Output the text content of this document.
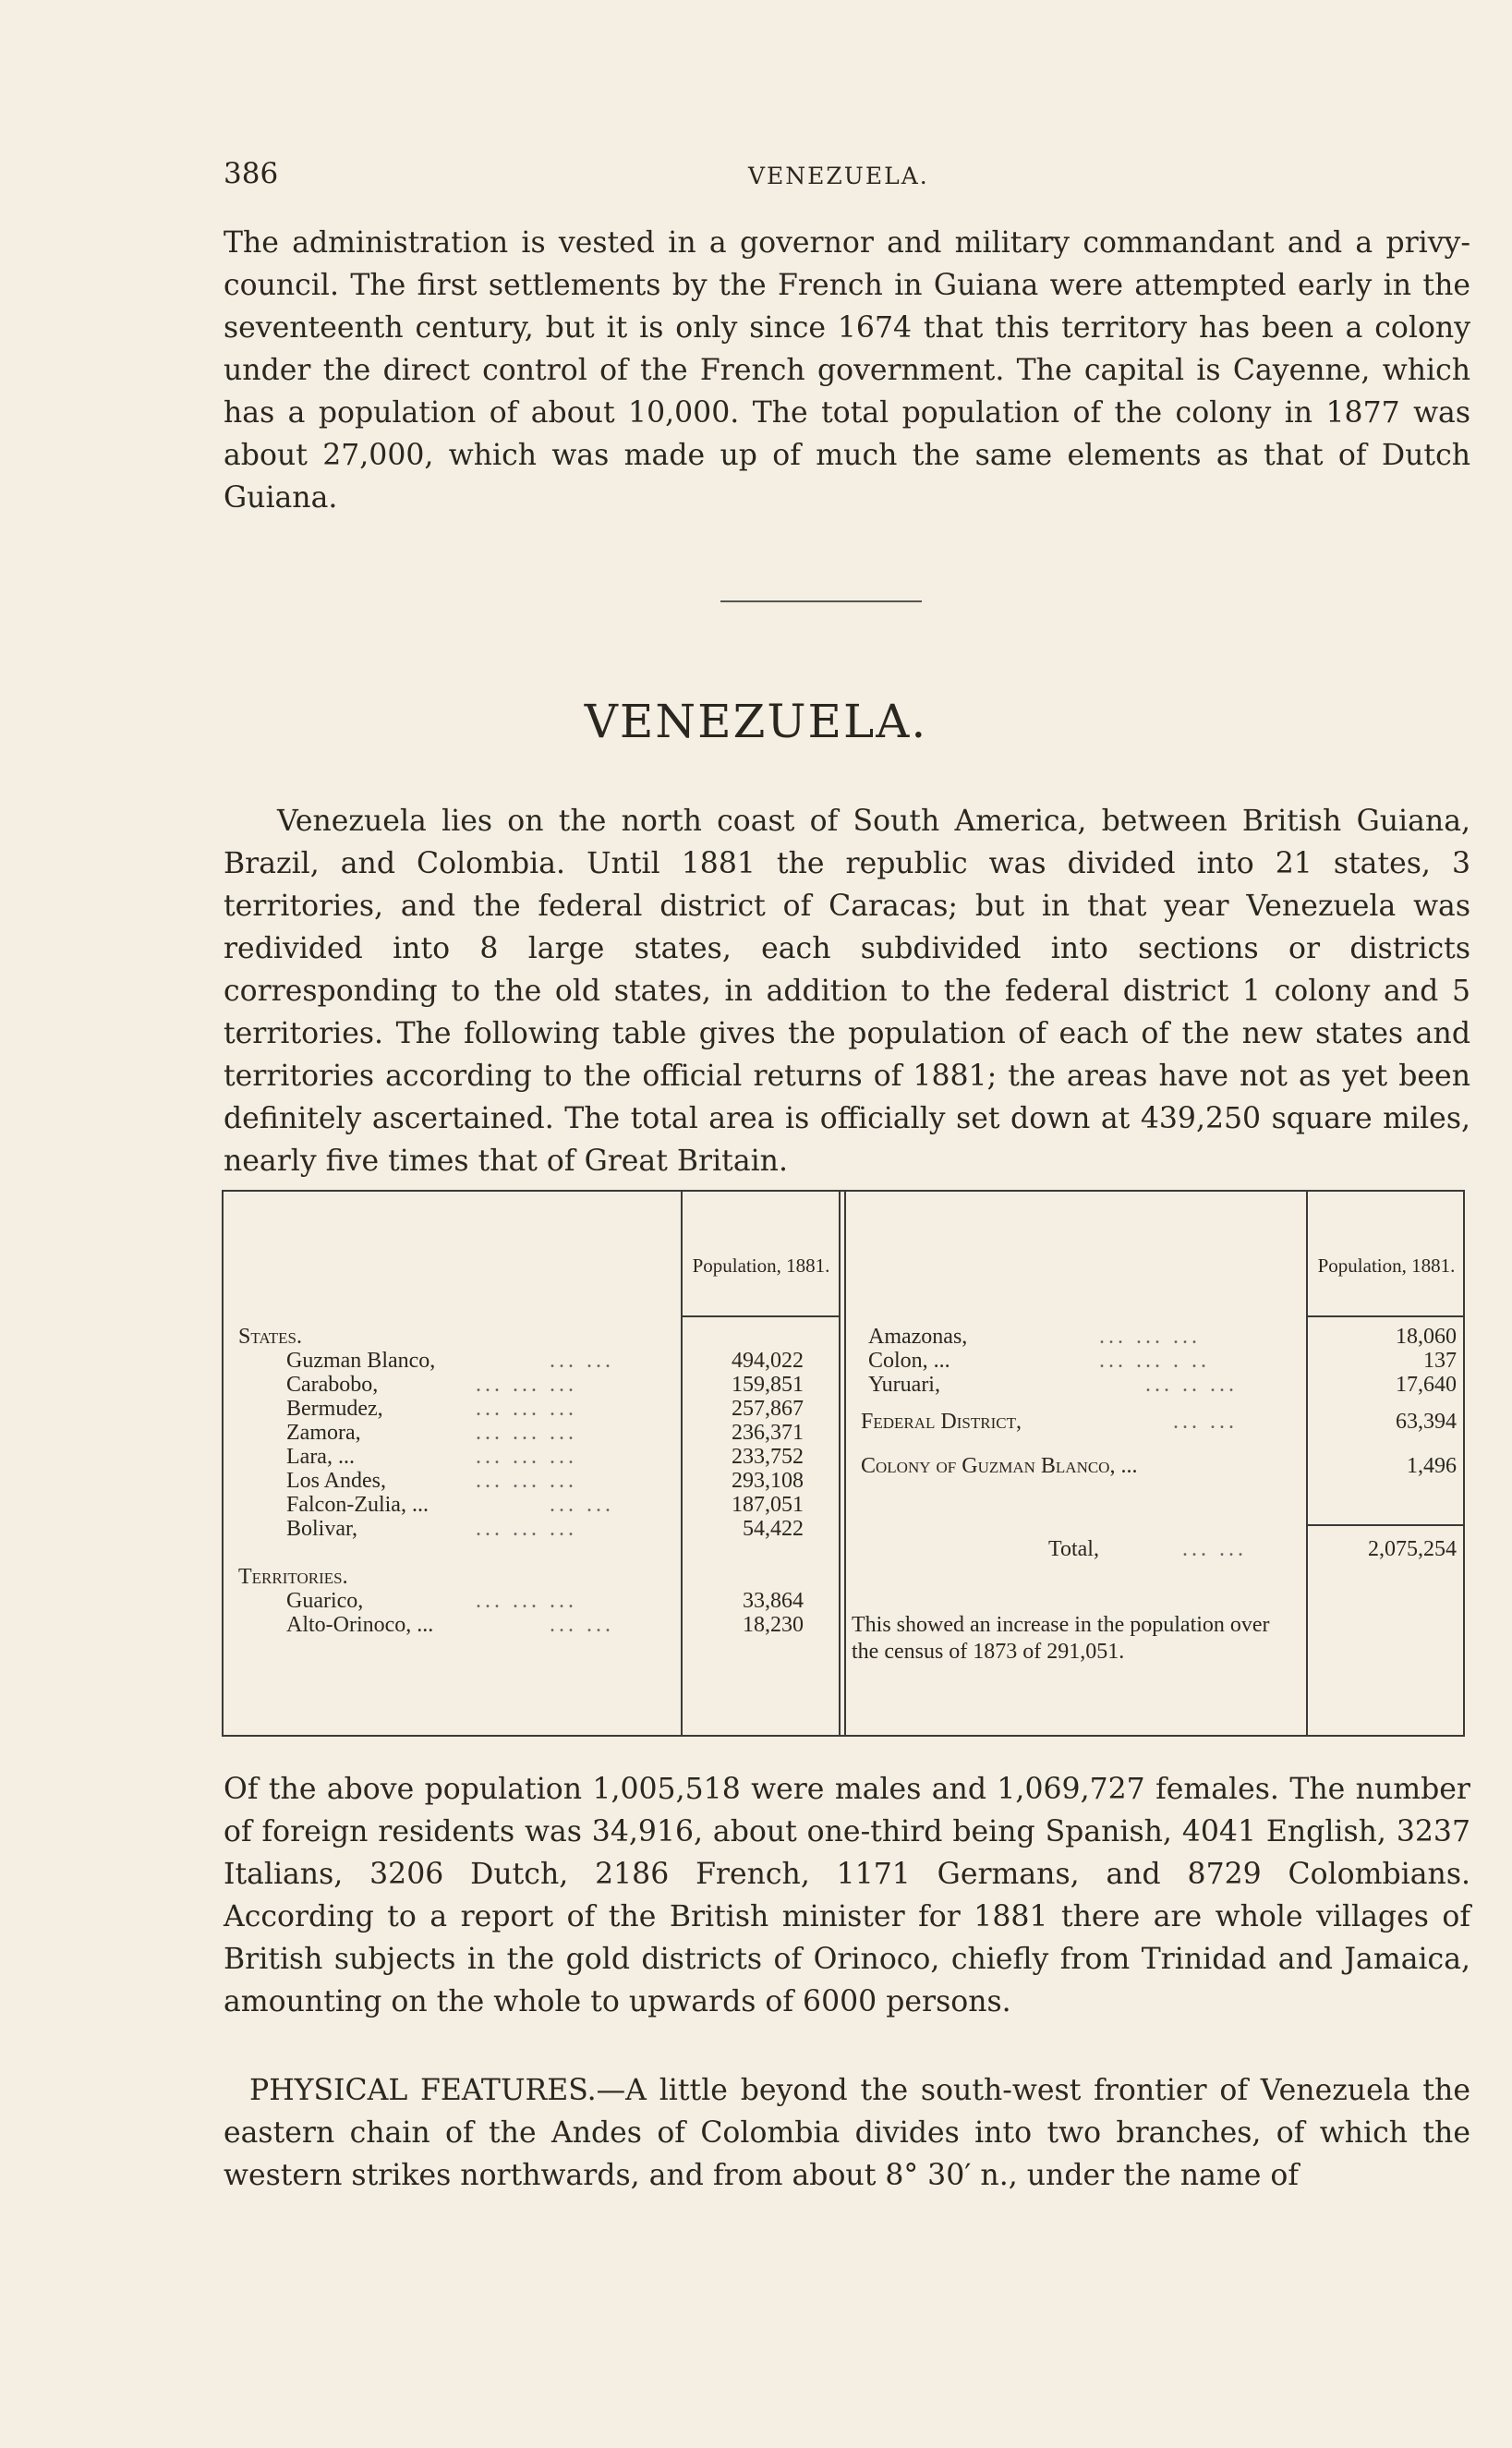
386	VENEZUELA.
The administration is vested in a governor and military commandant and a privy-council. The first settlements by the French in Guiana were attempted early in the seventeenth century, but it is only since 1674 that this territory has been a colony under the direct control of the French government. The capital is Cayenne, which has a population of about 10,000. The total population of the colony in 1877 was about 27,000, which was made up of much the same elements as that of Dutch Guiana.
VENEZUELA.
Venezuela lies on the north coast of South America, between British Guiana, Brazil, and Colombia. Until 1881 the republic was divided into 21 states, 3 territories, and the federal district of Caracas; but in that year Venezuela was redivided into 8 large states, each subdivided into sections or districts corresponding to the old states, in addition to the federal district 1 colony and 5 territories. The following table gives the population of each of the new states and territories according to the official returns of 1881; the areas have not as yet been definitely ascertained. The total area is officially set down at 439,250 square miles, nearly five times that of Great Britain.
Population, 1881.	Population, 1881.
States.
Guzman Blanco,	494,022
Carabobo,	159,851
Bermudez,	257,867
Zamora,	236,371
Lara, ...	233,752
Los Andes,	293,108
Falcon-Zulia, ...	187,051
Bolivar,	54,422
Territories.
Guarico,	33,864
Alto-Orinoco, ...	18,230
... ...
... ... ...
... ... ...
... ... ...
... ... ...
... ... ...
... ...
... ... ...
... ... ...
... ...
Amazonas,	18,060
Colon, ...	137
Yuruari,	17,640
Federal District,	63,394
Colony of Guzman Blanco, ...	1,496
... ... ...
... ... . ..
... .. ...
... ...
Total,	... ...	2,075,254
This showed an increase in the population over the census of 1873 of 291,051.
Of the above population 1,005,518 were males and 1,069,727 females. The number of foreign residents was 34,916, about one-third being Spanish, 4041 English, 3237 Italians, 3206 Dutch, 2186 French, 1171 Germans, and 8729 Colombians. According to a report of the British minister for 1881 there are whole villages of British subjects in the gold districts of Orinoco, chiefly from Trinidad and Jamaica, amounting on the whole to upwards of 6000 persons.
PHYSICAL FEATURES.—A little beyond the south-west frontier of Venezuela the eastern chain of the Andes of Colombia divides into two branches, of which the western strikes northwards, and from about 8° 30′ n., under the name of
